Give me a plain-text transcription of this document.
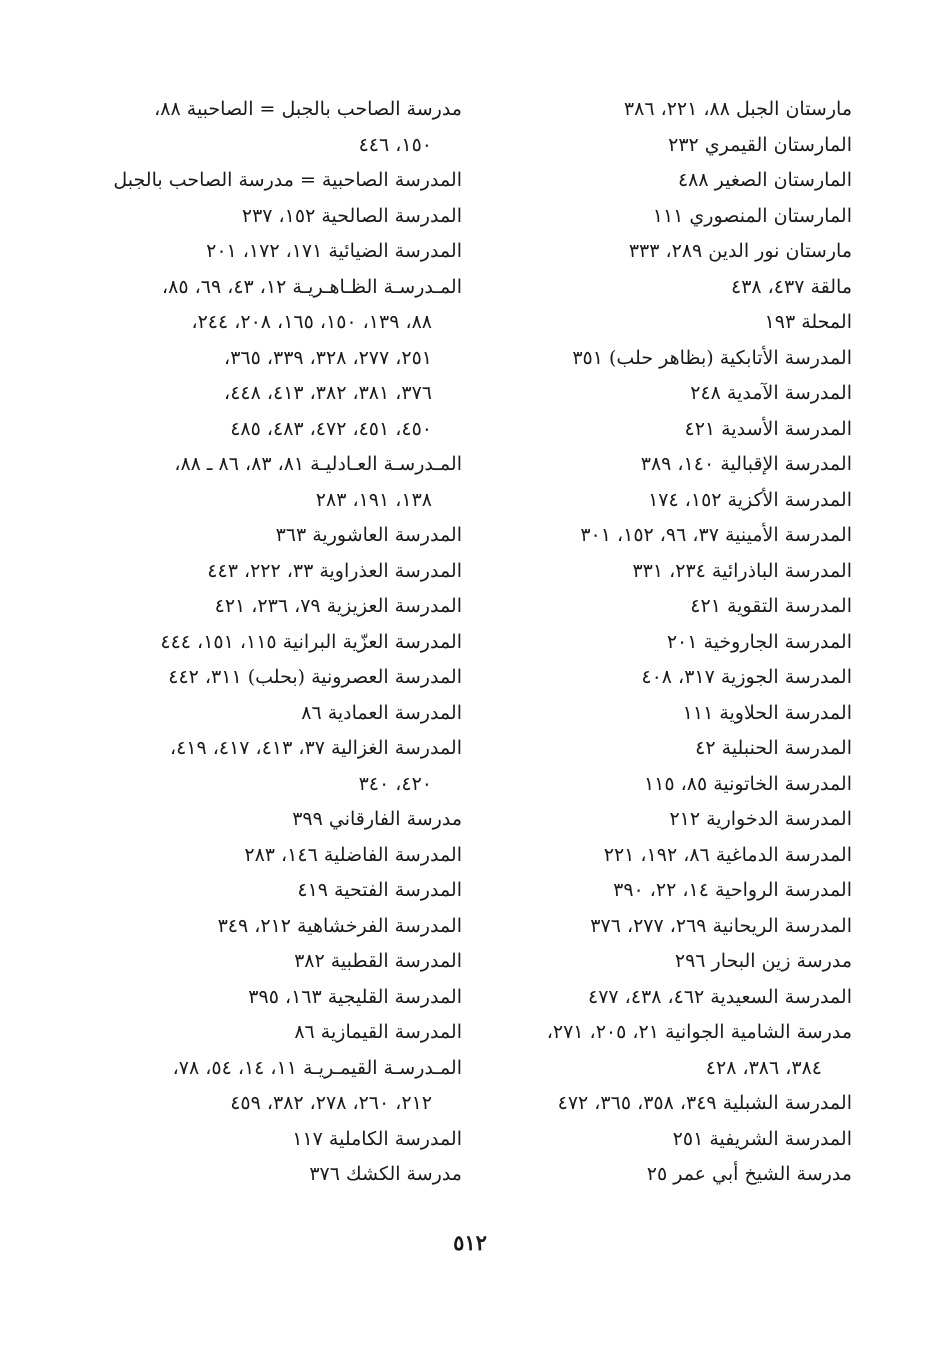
مارستان الجبل ٨٨، ٢٢١، ٣٨٦
المارستان القيمري ٢٣٢
المارستان الصغير ٤٨٨
المارستان المنصوري ١١١
مارستان نور الدين ٢٨٩، ٣٣٣
مالقة ٤٣٧، ٤٣٨
المحلة ١٩٣
المدرسة الأتابكية (بظاهر حلب) ٣٥١
المدرسة الآمدية ٢٤٨
المدرسة الأسدية ٤٢١
المدرسة الإقبالية ١٤٠، ٣٨٩
المدرسة الأكزية ١٥٢، ١٧٤
المدرسة الأمينية ٣٧، ٩٦، ١٥٢، ٣٠١
المدرسة الباذرائية ٢٣٤، ٣٣١
المدرسة التقوية ٤٢١
المدرسة الجاروخية ٢٠١
المدرسة الجوزية ٣١٧، ٤٠٨
المدرسة الحلاوية ١١١
المدرسة الحنبلية ٤٢
المدرسة الخاتونية ٨٥، ١١٥
المدرسة الدخوارية ٢١٢
المدرسة الدماغية ٨٦، ١٩٢، ٢٢١
المدرسة الرواحية ١٤، ٢٢، ٣٩٠
المدرسة الريحانية ٢٦٩، ٢٧٧، ٣٧٦
مدرسة زين البحار ٢٩٦
المدرسة السعيدية ٤٦٢، ٤٣٨، ٤٧٧
مدرسة الشامية الجوانية ٢١، ٢٠٥، ٢٧١،
٣٨٤، ٣٨٦، ٤٢٨
المدرسة الشبلية ٣٤٩، ٣٥٨، ٣٦٥، ٤٧٢
المدرسة الشريفية ٢٥١
مدرسة الشيخ أبي عمر ٢٥
مدرسة الصاحب بالجبل = الصاحبية ٨٨،
١٥٠، ٤٤٦
المدرسة الصاحبية = مدرسة الصاحب بالجبل
المدرسة الصالحية ١٥٢، ٢٣٧
المدرسة الضيائية ١٧١، ١٧٢، ٢٠١
المـدرسـة الظـاهـريـة ١٢، ٤٣، ٦٩، ٨٥،
٨٨، ١٣٩، ١٥٠، ١٦٥، ٢٠٨، ٢٤٤،
٢٥١، ٢٧٧، ٣٢٨، ٣٣٩، ٣٦٥،
٣٧٦، ٣٨١، ٣٨٢، ٤١٣، ٤٤٨،
٤٥٠، ٤٥١، ٤٧٢، ٤٨٣، ٤٨٥
المـدرسـة العـادليـة ٨١، ٨٣، ٨٦ ـ ٨٨،
١٣٨، ١٩١، ٢٨٣
المدرسة العاشورية ٣٦٣
المدرسة العذراوية ٣٣، ٢٢٢، ٤٤٣
المدرسة العزيزية ٧٩، ٢٣٦، ٤٢١
المدرسة العزّية البرانية ١١٥، ١٥١، ٤٤٤
المدرسة العصرونية (بحلب) ٣١١، ٤٤٢
المدرسة العمادية ٨٦
المدرسة الغزالية ٣٧، ٤١٣، ٤١٧، ٤١٩،
٤٢٠، ٣٤٠
مدرسة الفارقاني ٣٩٩
المدرسة الفاضلية ١٤٦، ٢٨٣
المدرسة الفتحية ٤١٩
المدرسة الفرخشاهية ٢١٢، ٣٤٩
المدرسة القطبية ٣٨٢
المدرسة القليجية ١٦٣، ٣٩٥
المدرسة القيمازية ٨٦
المـدرسـة القيمـريـة ١١، ١٤، ٥٤، ٧٨،
٢١٢، ٢٦٠، ٢٧٨، ٣٨٢، ٤٥٩
المدرسة الكاملية ١١٧
مدرسة الكشك ٣٧٦
٥١٢
